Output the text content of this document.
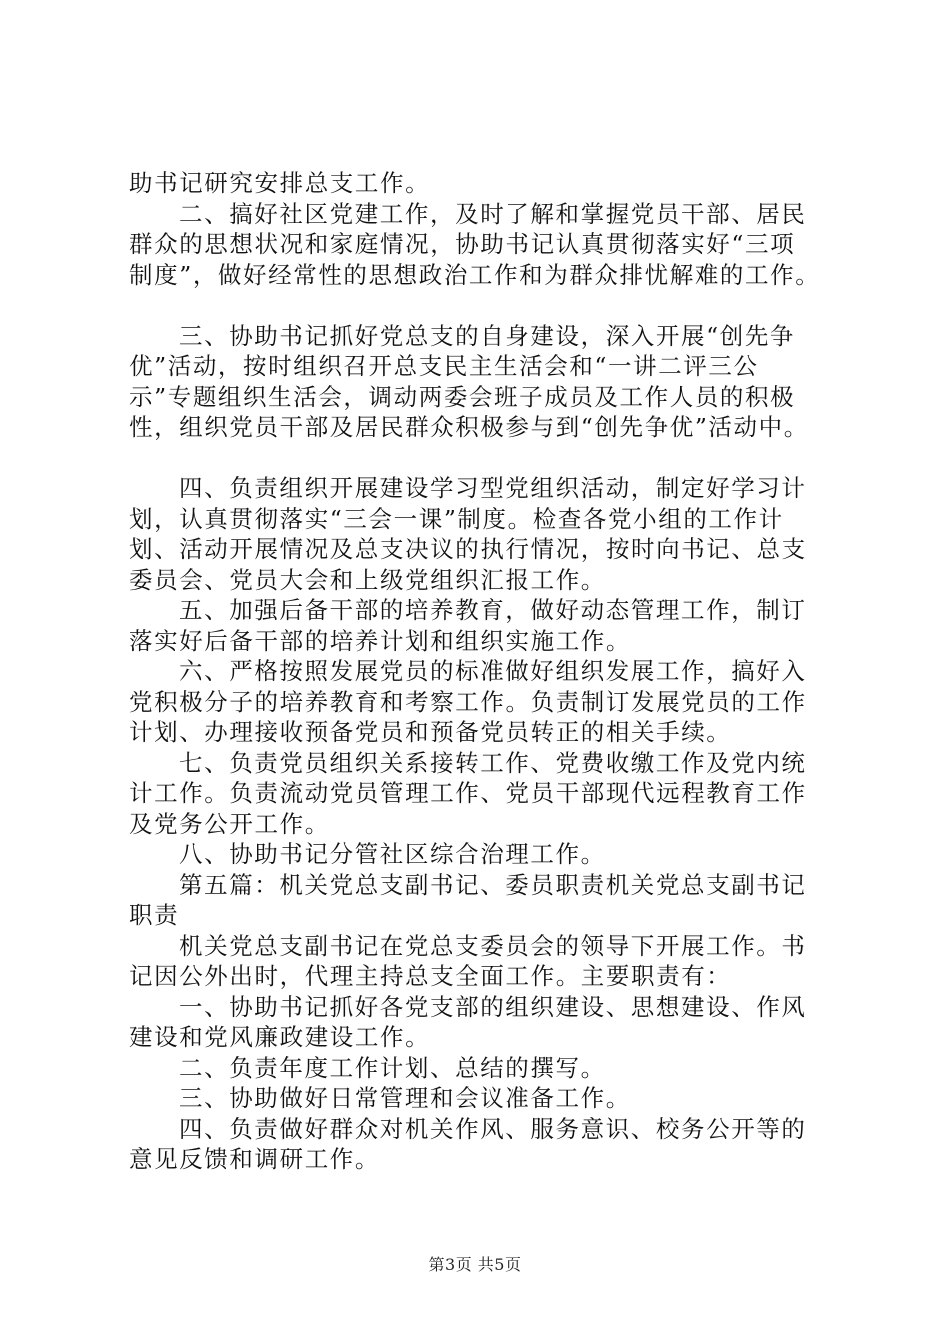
助书记研究安排总支工作。
二、搞好社区党建工作，及时了解和掌握党员干部、居民
群众的思想状况和家庭情况，协助书记认真贯彻落实好“三项
制度”，做好经常性的思想政治工作和为群众排忧解难的工作。
三、协助书记抓好党总支的自身建设，深入开展“创先争
优”活动，按时组织召开总支民主生活会和“一讲二评三公
示”专题组织生活会，调动两委会班子成员及工作人员的积极
性，组织党员干部及居民群众积极参与到“创先争优”活动中。
四、负责组织开展建设学习型党组织活动，制定好学习计
划，认真贯彻落实“三会一课”制度。检查各党小组的工作计
划、活动开展情况及总支决议的执行情况，按时向书记、总支
委员会、党员大会和上级党组织汇报工作。
五、加强后备干部的培养教育，做好动态管理工作，制订
落实好后备干部的培养计划和组织实施工作。
六、严格按照发展党员的标准做好组织发展工作，搞好入
党积极分子的培养教育和考察工作。负责制订发展党员的工作
计划、办理接收预备党员和预备党员转正的相关手续。
七、负责党员组织关系接转工作、党费收缴工作及党内统
计工作。负责流动党员管理工作、党员干部现代远程教育工作
及党务公开工作。
八、协助书记分管社区综合治理工作。
第五篇：机关党总支副书记、委员职责机关党总支副书记
职责
机关党总支副书记在党总支委员会的领导下开展工作。书
记因公外出时，代理主持总支全面工作。主要职责有：
一、协助书记抓好各党支部的组织建设、思想建设、作风
建设和党风廉政建设工作。
二、负责年度工作计划、总结的撰写。
三、协助做好日常管理和会议准备工作。
四、负责做好群众对机关作风、服务意识、校务公开等的
意见反馈和调研工作。
第3页 共5页
